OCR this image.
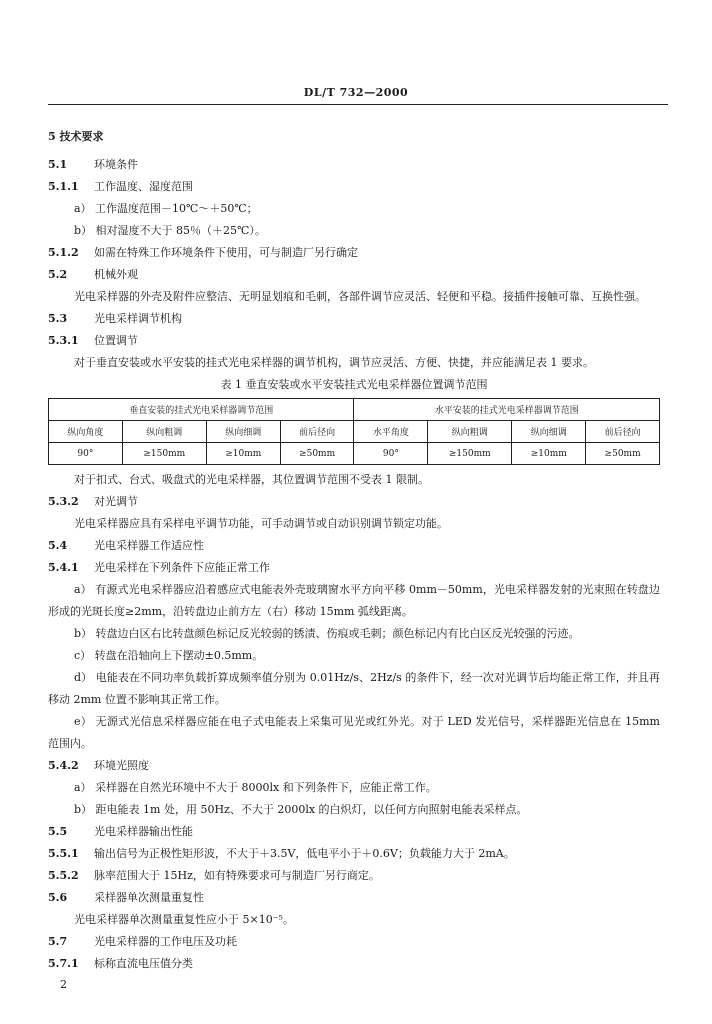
DL/T 732—2000
5 技术要求
5.1 环境条件
5.1.1 工作温度、湿度范围
a） 工作温度范围－10℃～＋50℃；
b） 相对湿度不大于 85％（＋25℃）。
5.1.2 如需在特殊工作环境条件下使用，可与制造厂另行确定
5.2 机械外观
光电采样器的外壳及附件应整洁、无明显划痕和毛刺，各部件调节应灵活、轻便和平稳。接插件接触可靠、互换性强。
5.3 光电采样调节机构
5.3.1 位置调节
对于垂直安装或水平安装的挂式光电采样器的调节机构，调节应灵活、方便、快捷，并应能满足表 1 要求。
表 1 垂直安装或水平安装挂式光电采样器位置调节范围
垂直安装的挂式光电采样器调节范围				水平安装的挂式光电采样器调节范围			
纵向角度	纵向粗调	纵向细调	前后径向	水平角度	纵向粗调	纵向细调	前后径向
90°	≥150mm	≥10mm	≥50mm	90°	≥150mm	≥10mm	≥50mm
对于扣式、台式、吸盘式的光电采样器，其位置调节范围不受表 1 限制。
5.3.2 对光调节
光电采样器应具有采样电平调节功能，可手动调节或自动识别调节锁定功能。
5.4 光电采样器工作适应性
5.4.1 光电采样在下列条件下应能正常工作
a） 有源式光电采样器应沿着感应式电能表外壳玻璃窗水平方向平移 0mm－50mm，光电采样器发射的光束照在转盘边形成的光斑长度≥2mm，沿转盘边止前方左（右）移动 15mm 弧线距离。
b） 转盘边白区右比转盘颜色标记反光较弱的锈渍、伤痕或毛刺；颜色标记内有比白区反光较强的污迹。
c） 转盘在沿轴向上下摆动±0.5mm。
d） 电能表在不同功率负载折算成频率值分别为 0.01Hz/s、2Hz/s 的条件下，经一次对光调节后均能正常工作，并且再移动 2mm 位置不影响其正常工作。
e） 无源式光信息采样器应能在电子式电能表上采集可见光或红外光。对于 LED 发光信号，采样器距光信息在 15mm 范围内。
5.4.2 环境光照度
a） 采样器在自然光环境中不大于 8000lx 和下列条件下，应能正常工作。
b） 距电能表 1m 处，用 50Hz、不大于 2000lx 的白炽灯，以任何方向照射电能表采样点。
5.5 光电采样器输出性能
5.5.1 输出信号为正极性矩形波，不大于＋3.5V，低电平小于＋0.6V；负载能力大于 2mA。
5.5.2 脉率范围大于 15Hz，如有特殊要求可与制造厂另行商定。
5.6 采样器单次测量重复性
光电采样器单次测量重复性应小于 5×10⁻⁵。
5.7 光电采样器的工作电压及功耗
5.7.1 标称直流电压值分类
2
